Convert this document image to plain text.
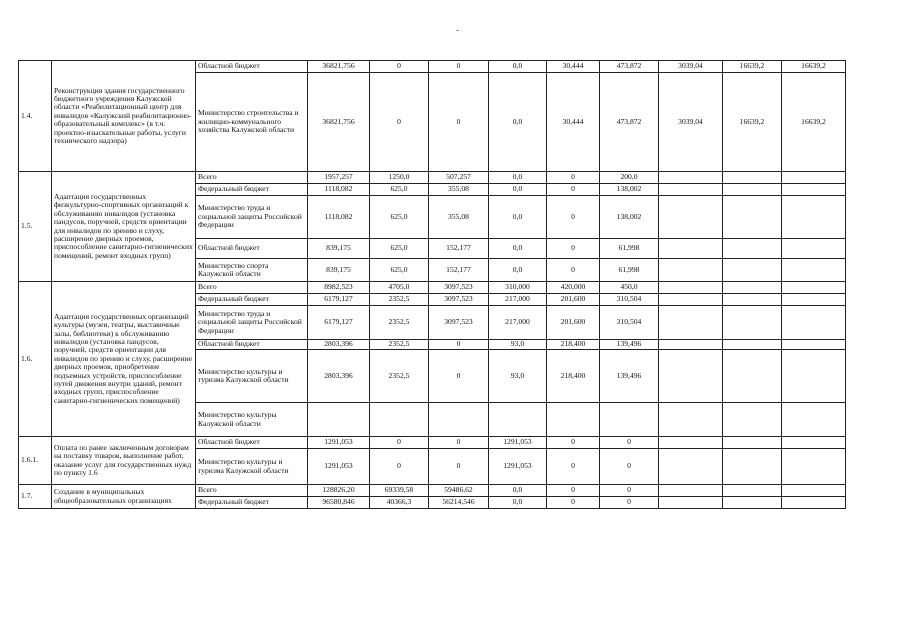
1.4.	Реконструкция здания государственного бюджетного учреждения Калужской области «Реабилитационный центр для инвалидов «Калужский реабилитационно-образовательный комплекс» (в т.ч. проектно-изыскательные работы, услуги технического надзора)	Областной бюджет	36821,756	0	0	0,0	30,444	473,872	3039,04	16639,2	16639,2
		Министерство строительства и жилищно-коммунального хозяйства Калужской области	36821,756	0	0	0,0	30,444	473,872	3039,04	16639,2	16639,2
1.5.	Адаптация государственных физкультурно-спортивных организаций к обслуживанию инвалидов (установка пандусов, поручней, средств ориентации для инвалидов по зрению и слуху, расширение дверных проемов, приспособление санитарно-гигиенических помещений, ремонт входных групп)	Всего	1957,257	1250,0	507,257	0,0	0	200,0			
		Федеральный бюджет	1118,082	625,0	355,08	0,0	0	138,002			
		Министерство труда и социальной защиты Российской Федерации	1118,082	625,0	355,08	0,0	0	138,002			
		Областной бюджет	839,175	625,0	152,177	0,0	0	61,998			
		Министерство спорта Калужской области	839,175	625,0	152,177	0,0	0	61,998			
1.6.	Адаптация государственных организаций культуры (музеи, театры, выставочные залы, библиотеки) к обслуживанию инвалидов (установка пандусов, поручней, средств ориентации для инвалидов по зрению и слуху, расширение дверных проемов, приобретение подъемных устройств, приспособление путей движения внутри зданий, ремонт входных групп, приспособление санитарно-гигиенических помещений)	Всего	8982,523	4705,0	3097,523	310,000	420,000	450,0			
		Федеральный бюджет	6179,127	2352,5	3097,523	217,000	201,600	310,504			
		Министерство труда и социальной защиты Российской Федерации	6179,127	2352,5	3097,523	217,000	201,600	310,504			
		Областной бюджет	2803,396	2352,5	0	93,0	218,400	139,496			
		Министерство культуры и туризма Калужской области	2803,396	2352,5	0	93,0	218,400	139,496			
		Министерство культуры Калужской области									
1.6.1.	Оплата по ранее заключенным договорам на поставку товаров, выполнение работ, оказание услуг для государственных нужд по пункту 1.6	Областной бюджет	1291,053	0	0	1291,053	0	0			
		Министерство культуры и туризма Калужской области	1291,053	0	0	1291,053	0	0			
1.7.	Создание в муниципальных общеобразовательных организациях	Всего	128826,20	69339,58	59486,62	0,0	0	0			
		Федеральный бюджет	96580,846	40366,3	56214,546	0,0	0	0			
